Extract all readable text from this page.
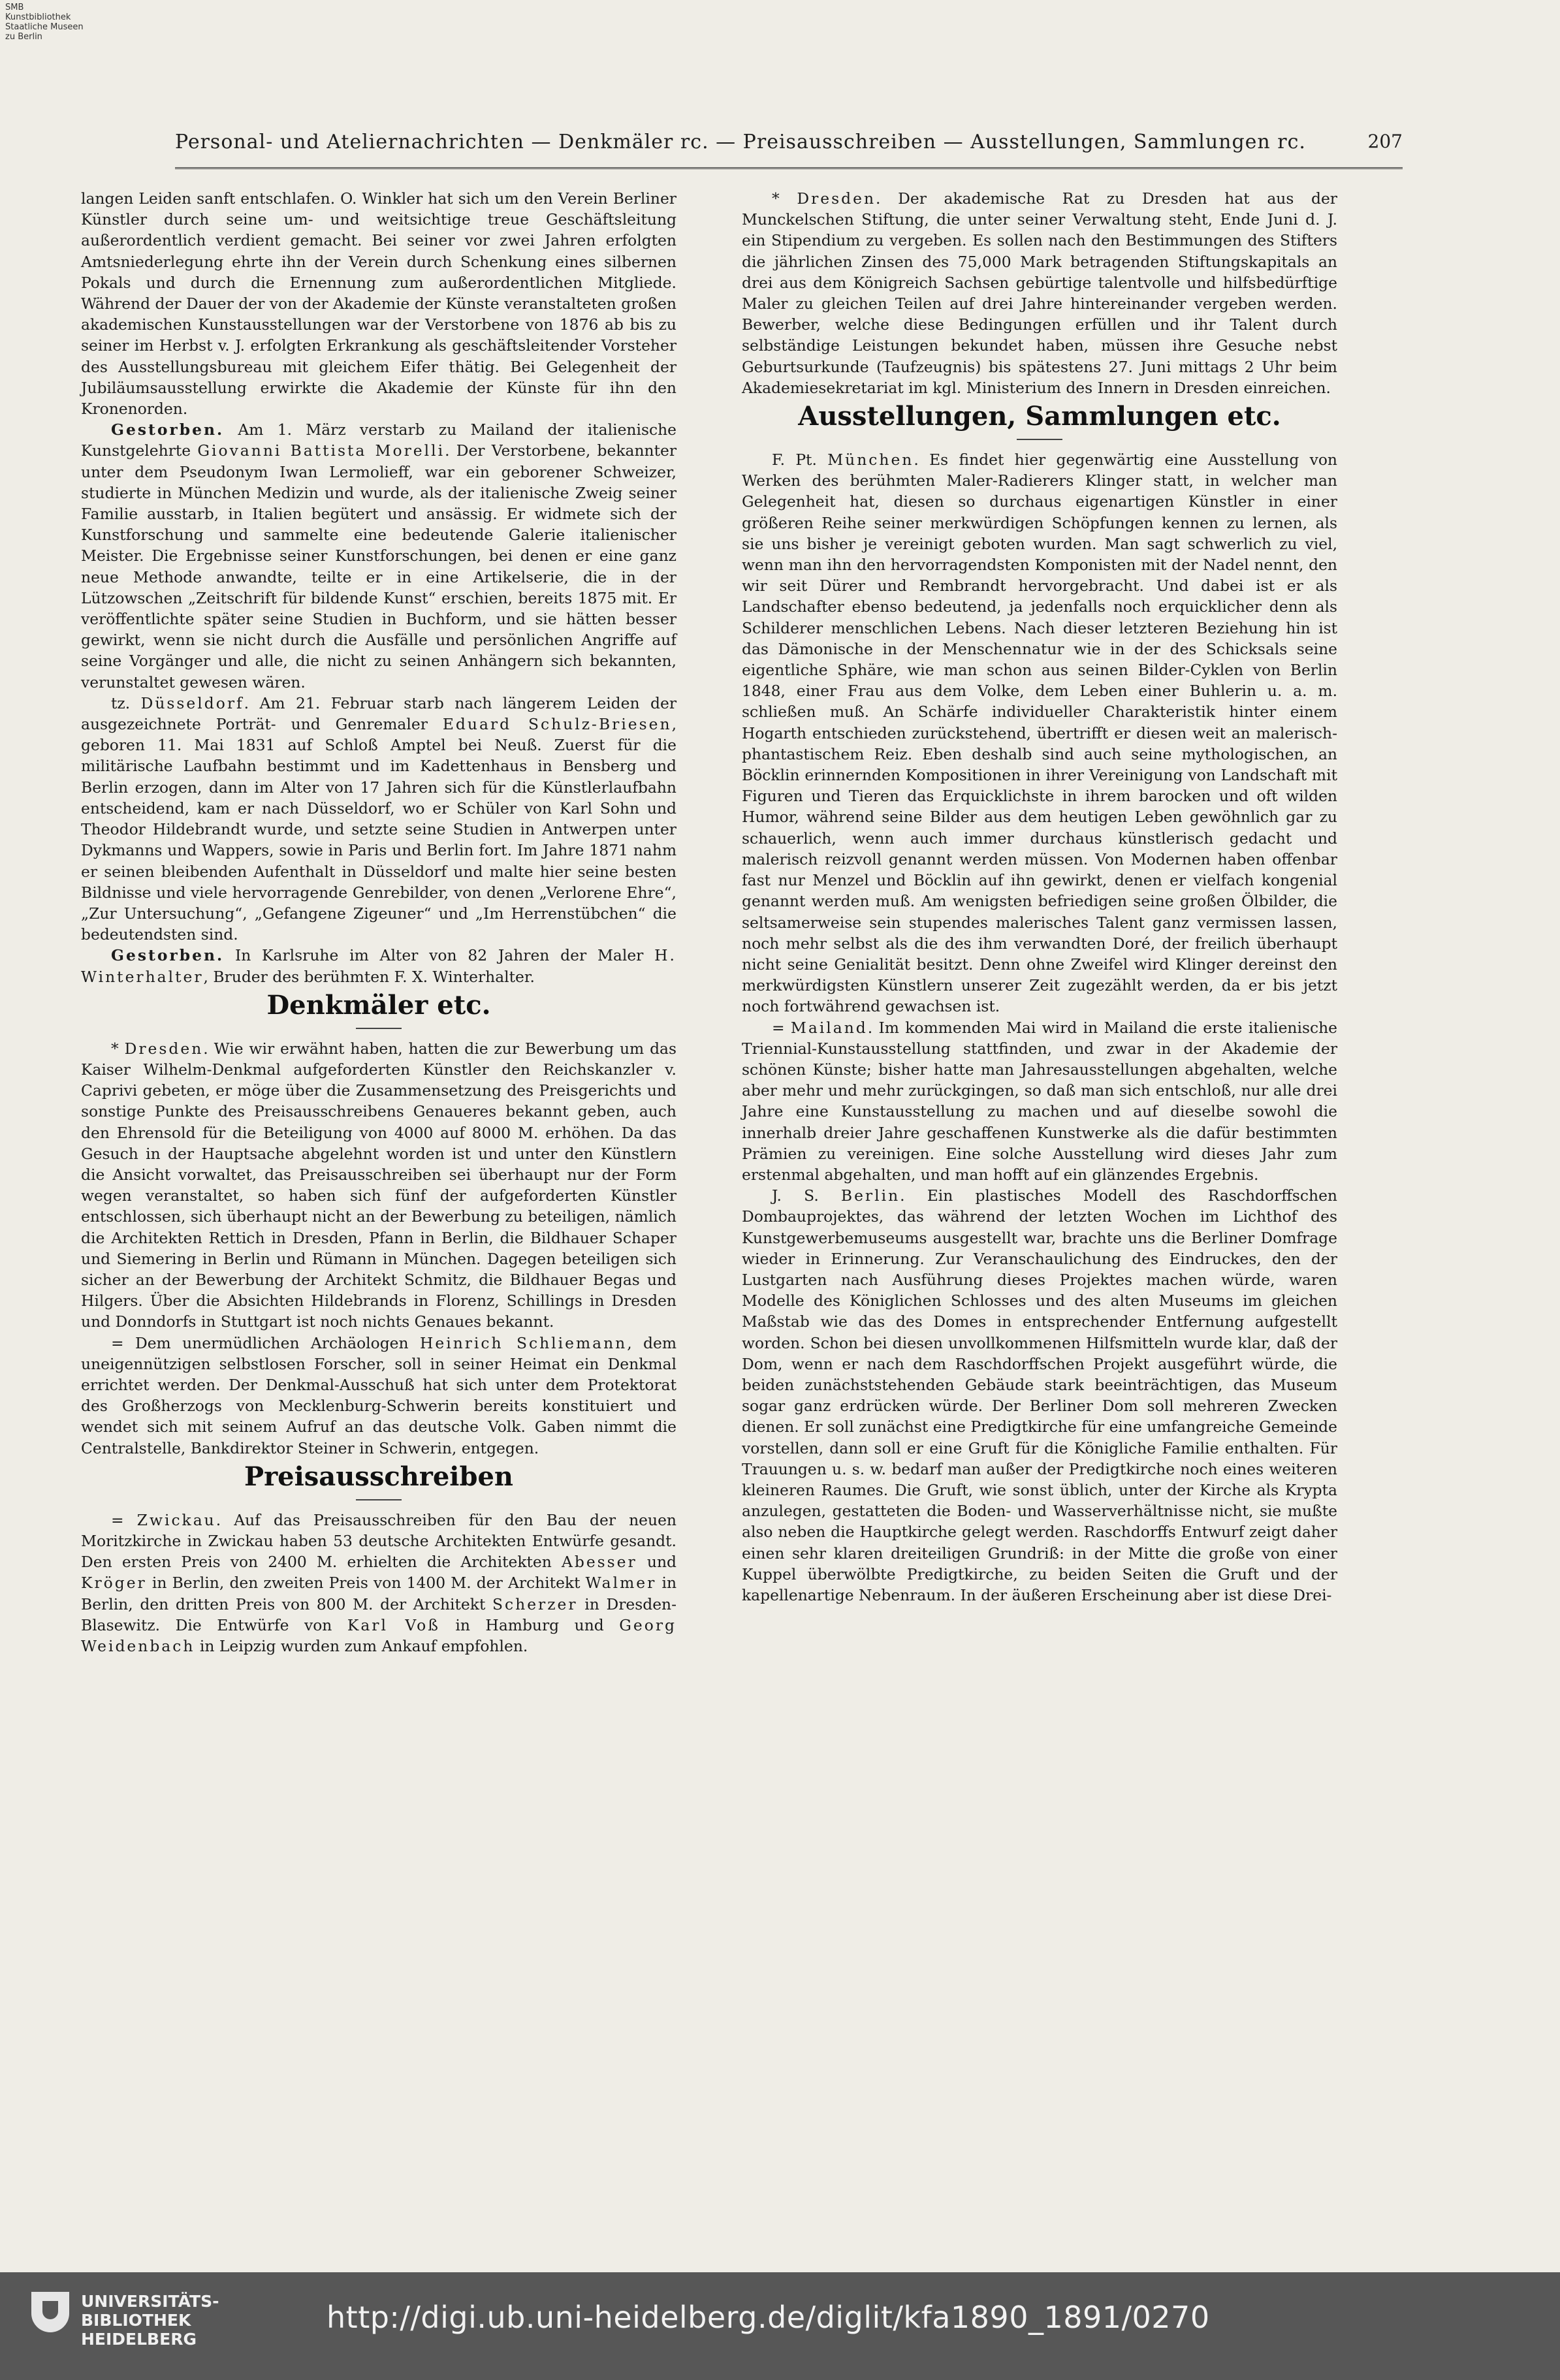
SMB
Kunstbibliothek
Staatliche Museen
zu Berlin
Personal- und Ateliernachrichten — Denkmäler rc. — Preisausschreiben — Ausstellungen, Sammlungen rc.	207

langen Leiden sanft entschlafen. O. Winkler hat sich um den Verein Berliner Künstler durch seine um- und weitsichtige treue Geschäftsleitung außerordentlich verdient gemacht. Bei seiner vor zwei Jahren erfolgten Amtsniederlegung ehrte ihn der Verein durch Schenkung eines silbernen Pokals und durch die Ernennung zum außerordentlichen Mitgliede. Während der Dauer der von der Akademie der Künste veranstalteten großen akademischen Kunstausstellungen war der Verstorbene von 1876 ab bis zu seiner im Herbst v. J. erfolgten Erkrankung als geschäftsleitender Vorsteher des Ausstellungsbureau mit gleichem Eifer thätig. Bei Gelegenheit der Jubiläumsausstellung erwirkte die Akademie der Künste für ihn den Kronenorden.

Gestorben. Am 1. März verstarb zu Mailand der italienische Kunstgelehrte Giovanni Battista Morelli. Der Verstorbene, bekannter unter dem Pseudonym Iwan Lermolieff, war ein geborener Schweizer, studierte in München Medizin und wurde, als der italienische Zweig seiner Familie ausstarb, in Italien begütert und ansässig. Er widmete sich der Kunstforschung und sammelte eine bedeutende Galerie italienischer Meister. Die Ergebnisse seiner Kunstforschungen, bei denen er eine ganz neue Methode anwandte, teilte er in eine Artikelserie, die in der Lützowschen „Zeitschrift für bildende Kunst“ erschien, bereits 1875 mit. Er veröffentlichte später seine Studien in Buchform, und sie hätten besser gewirkt, wenn sie nicht durch die Ausfälle und persönlichen Angriffe auf seine Vorgänger und alle, die nicht zu seinen Anhängern sich bekannten, verunstaltet gewesen wären.

tz. Düsseldorf. Am 21. Februar starb nach längerem Leiden der ausgezeichnete Porträt- und Genremaler Eduard Schulz-Briesen, geboren 11. Mai 1831 auf Schloß Amptel bei Neuß. Zuerst für die militärische Laufbahn bestimmt und im Kadettenhaus in Bensberg und Berlin erzogen, dann im Alter von 17 Jahren sich für die Künstlerlaufbahn entscheidend, kam er nach Düsseldorf, wo er Schüler von Karl Sohn und Theodor Hildebrandt wurde, und setzte seine Studien in Antwerpen unter Dykmanns und Wappers, sowie in Paris und Berlin fort. Im Jahre 1871 nahm er seinen bleibenden Aufenthalt in Düsseldorf und malte hier seine besten Bildnisse und viele hervorragende Genrebilder, von denen „Verlorene Ehre“, „Zur Untersuchung“, „Gefangene Zigeuner“ und „Im Herrenstübchen“ die bedeutendsten sind.

Gestorben. In Karlsruhe im Alter von 82 Jahren der Maler H. Winterhalter, Bruder des berühmten F. X. Winterhalter.

Denkmäler etc.

* Dresden. Wie wir erwähnt haben, hatten die zur Bewerbung um das Kaiser Wilhelm-Denkmal aufgeforderten Künstler den Reichskanzler v. Caprivi gebeten, er möge über die Zusammensetzung des Preisgerichts und sonstige Punkte des Preisausschreibens Genaueres bekannt geben, auch den Ehrensold für die Beteiligung von 4000 auf 8000 M. erhöhen. Da das Gesuch in der Hauptsache abgelehnt worden ist und unter den Künstlern die Ansicht vorwaltet, das Preisausschreiben sei überhaupt nur der Form wegen veranstaltet, so haben sich fünf der aufgeforderten Künstler entschlossen, sich überhaupt nicht an der Bewerbung zu beteiligen, nämlich die Architekten Rettich in Dresden, Pfann in Berlin, die Bildhauer Schaper und Siemering in Berlin und Rümann in München. Dagegen beteiligen sich sicher an der Bewerbung der Architekt Schmitz, die Bildhauer Begas und Hilgers. Über die Absichten Hildebrands in Florenz, Schillings in Dresden und Donndorfs in Stuttgart ist noch nichts Genaues bekannt.

= Dem unermüdlichen Archäologen Heinrich Schliemann, dem uneigennützigen selbstlosen Forscher, soll in seiner Heimat ein Denkmal errichtet werden. Der Denkmal-Ausschuß hat sich unter dem Protektorat des Großherzogs von Mecklenburg-Schwerin bereits konstituiert und wendet sich mit seinem Aufruf an das deutsche Volk. Gaben nimmt die Centralstelle, Bankdirektor Steiner in Schwerin, entgegen.

Preisausschreiben

= Zwickau. Auf das Preisausschreiben für den Bau der neuen Moritzkirche in Zwickau haben 53 deutsche Architekten Entwürfe gesandt. Den ersten Preis von 2400 M. erhielten die Architekten Abesser und Kröger in Berlin, den zweiten Preis von 1400 M. der Architekt Walmer in Berlin, den dritten Preis von 800 M. der Architekt Scherzer in Dresden-Blasewitz. Die Entwürfe von Karl Voß in Hamburg und Georg Weidenbach in Leipzig wurden zum Ankauf empfohlen.

* Dresden. Der akademische Rat zu Dresden hat aus der Munckelschen Stiftung, die unter seiner Verwaltung steht, Ende Juni d. J. ein Stipendium zu vergeben. Es sollen nach den Bestimmungen des Stifters die jährlichen Zinsen des 75,000 Mark betragenden Stiftungskapitals an drei aus dem Königreich Sachsen gebürtige talentvolle und hilfsbedürftige Maler zu gleichen Teilen auf drei Jahre hintereinander vergeben werden. Bewerber, welche diese Bedingungen erfüllen und ihr Talent durch selbständige Leistungen bekundet haben, müssen ihre Gesuche nebst Geburtsurkunde (Taufzeugnis) bis spätestens 27. Juni mittags 2 Uhr beim Akademiesekretariat im kgl. Ministerium des Innern in Dresden einreichen.

Ausstellungen, Sammlungen etc.

F. Pt. München. Es findet hier gegenwärtig eine Ausstellung von Werken des berühmten Maler-Radierers Klinger statt, in welcher man Gelegenheit hat, diesen so durchaus eigenartigen Künstler in einer größeren Reihe seiner merkwürdigen Schöpfungen kennen zu lernen, als sie uns bisher je vereinigt geboten wurden. Man sagt schwerlich zu viel, wenn man ihn den hervorragendsten Komponisten mit der Nadel nennt, den wir seit Dürer und Rembrandt hervorgebracht. Und dabei ist er als Landschafter ebenso bedeutend, ja jedenfalls noch erquicklicher denn als Schilderer menschlichen Lebens. Nach dieser letzteren Beziehung hin ist das Dämonische in der Menschennatur wie in der des Schicksals seine eigentliche Sphäre, wie man schon aus seinen Bilder-Cyklen von Berlin 1848, einer Frau aus dem Volke, dem Leben einer Buhlerin u. a. m. schließen muß. An Schärfe individueller Charakteristik hinter einem Hogarth entschieden zurückstehend, übertrifft er diesen weit an malerisch-phantastischem Reiz. Eben deshalb sind auch seine mythologischen, an Böcklin erinnernden Kompositionen in ihrer Vereinigung von Landschaft mit Figuren und Tieren das Erquicklichste in ihrem barocken und oft wilden Humor, während seine Bilder aus dem heutigen Leben gewöhnlich gar zu schauerlich, wenn auch immer durchaus künstlerisch gedacht und malerisch reizvoll genannt werden müssen. Von Modernen haben offenbar fast nur Menzel und Böcklin auf ihn gewirkt, denen er vielfach kongenial genannt werden muß. Am wenigsten befriedigen seine großen Ölbilder, die seltsamerweise sein stupendes malerisches Talent ganz vermissen lassen, noch mehr selbst als die des ihm verwandten Doré, der freilich überhaupt nicht seine Genialität besitzt. Denn ohne Zweifel wird Klinger dereinst den merkwürdigsten Künstlern unserer Zeit zugezählt werden, da er bis jetzt noch fortwährend gewachsen ist.

= Mailand. Im kommenden Mai wird in Mailand die erste italienische Triennial-Kunstausstellung stattfinden, und zwar in der Akademie der schönen Künste; bisher hatte man Jahresausstellungen abgehalten, welche aber mehr und mehr zurückgingen, so daß man sich entschloß, nur alle drei Jahre eine Kunstausstellung zu machen und auf dieselbe sowohl die innerhalb dreier Jahre geschaffenen Kunstwerke als die dafür bestimmten Prämien zu vereinigen. Eine solche Ausstellung wird dieses Jahr zum erstenmal abgehalten, und man hofft auf ein glänzendes Ergebnis.

J. S. Berlin. Ein plastisches Modell des Raschdorffschen Dombauprojektes, das während der letzten Wochen im Lichthof des Kunstgewerbemuseums ausgestellt war, brachte uns die Berliner Domfrage wieder in Erinnerung. Zur Veranschaulichung des Eindruckes, den der Lustgarten nach Ausführung dieses Projektes machen würde, waren Modelle des Königlichen Schlosses und des alten Museums im gleichen Maßstab wie das des Domes in entsprechender Entfernung aufgestellt worden. Schon bei diesen unvollkommenen Hilfsmitteln wurde klar, daß der Dom, wenn er nach dem Raschdorffschen Projekt ausgeführt würde, die beiden zunächststehenden Gebäude stark beeinträchtigen, das Museum sogar ganz erdrücken würde. Der Berliner Dom soll mehreren Zwecken dienen. Er soll zunächst eine Predigtkirche für eine umfangreiche Gemeinde vorstellen, dann soll er eine Gruft für die Königliche Familie enthalten. Für Trauungen u. s. w. bedarf man außer der Predigtkirche noch eines weiteren kleineren Raumes. Die Gruft, wie sonst üblich, unter der Kirche als Krypta anzulegen, gestatteten die Boden- und Wasserverhältnisse nicht, sie mußte also neben die Hauptkirche gelegt werden. Raschdorffs Entwurf zeigt daher einen sehr klaren dreiteiligen Grundriß: in der Mitte die große von einer Kuppel überwölbte Predigtkirche, zu beiden Seiten die Gruft und der kapellenartige Nebenraum. In der äußeren Erscheinung aber ist diese Drei-

UNIVERSITÄTS-
BIBLIOTHEK
HEIDELBERG
http://digi.ub.uni-heidelberg.de/diglit/kfa1890_1891/0270
